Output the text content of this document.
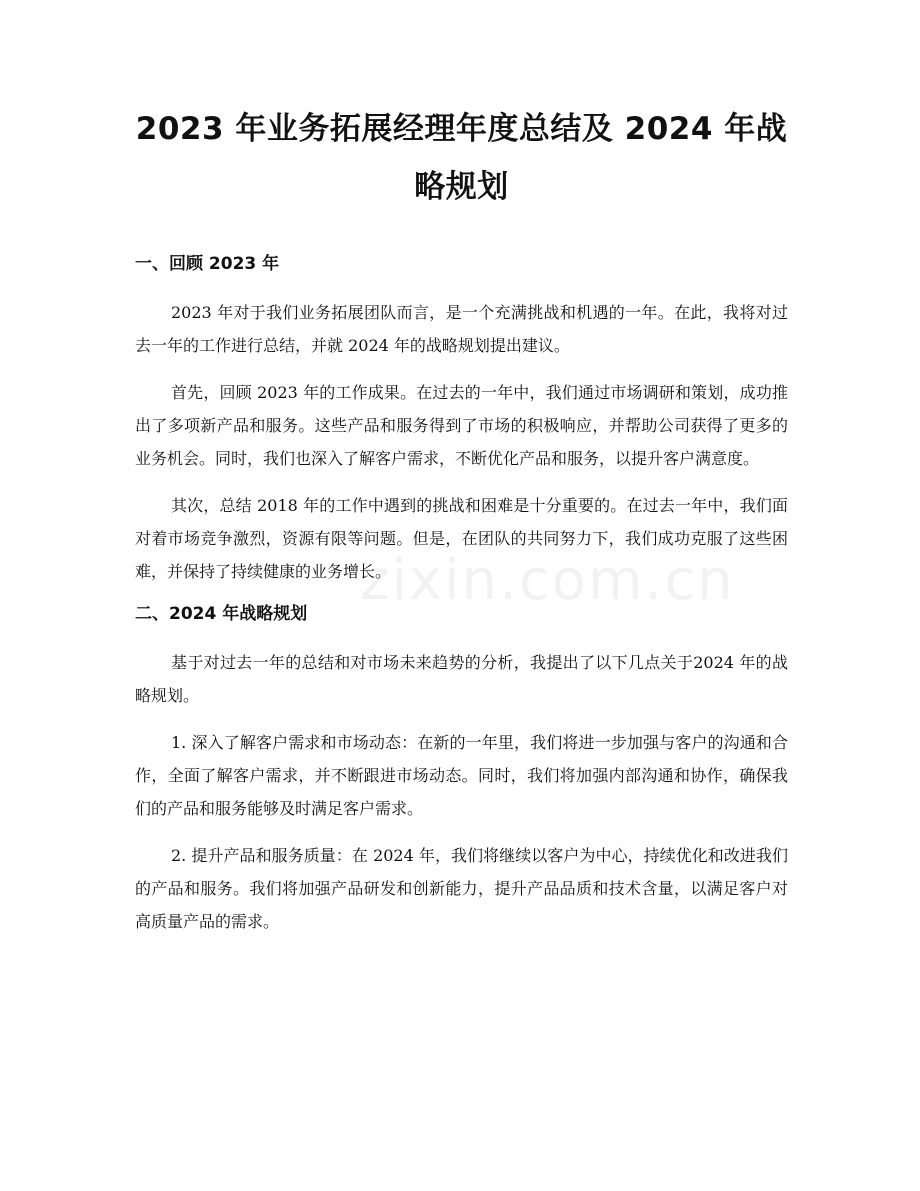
2023 年业务拓展经理年度总结及 2024 年战略规划
一、回顾 2023 年

2023 年对于我们业务拓展团队而言，是一个充满挑战和机遇的一年。在此，我将对过去一年的工作进行总结，并就 2024 年的战略规划提出建议。

首先，回顾 2023 年的工作成果。在过去的一年中，我们通过市场调研和策划，成功推出了多项新产品和服务。这些产品和服务得到了市场的积极响应，并帮助公司获得了更多的业务机会。同时，我们也深入了解客户需求，不断优化产品和服务，以提升客户满意度。

其次，总结 2018 年的工作中遇到的挑战和困难是十分重要的。在过去一年中，我们面对着市场竞争激烈，资源有限等问题。但是，在团队的共同努力下，我们成功克服了这些困难，并保持了持续健康的业务增长。

二、2024 年战略规划

基于对过去一年的总结和对市场未来趋势的分析，我提出了以下几点关于2024 年的战略规划。

1. 深入了解客户需求和市场动态：在新的一年里，我们将进一步加强与客户的沟通和合作，全面了解客户需求，并不断跟进市场动态。同时，我们将加强内部沟通和协作，确保我们的产品和服务能够及时满足客户需求。

2. 提升产品和服务质量：在 2024 年，我们将继续以客户为中心，持续优化和改进我们的产品和服务。我们将加强产品研发和创新能力，提升产品品质和技术含量，以满足客户对高质量产品的需求。

zixin.com.cn
